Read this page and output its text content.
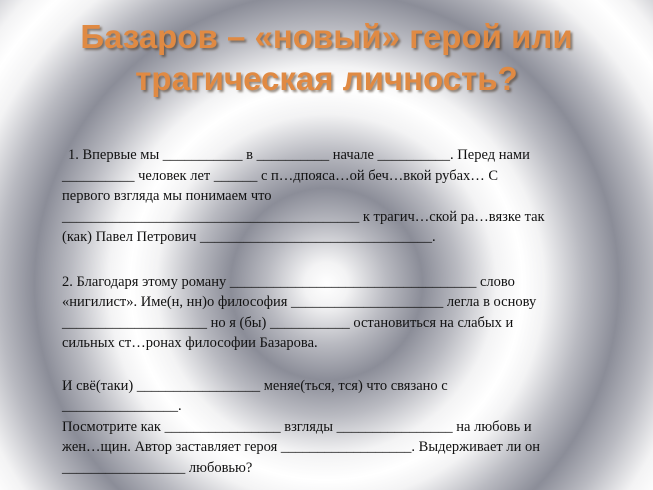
Базаров – «новый» герой или
трагическая личность?

1. Впервые мы ___________ в __________ начале __________. Перед нами

__________ человек лет ______ с п…дпояса…ой беч…вкой рубах… С

первого взгляда мы понимаем что

_________________________________________ к трагич…ской ра…вязке так

(как) Павел Петрович ________________________________.

2. Благодаря этому роману __________________________________ слово

«нигилист». Име(н, нн)о философия _____________________ легла в основу

____________________ но я (бы) ___________ остановиться на слабых и

сильных ст…ронах философии Базарова.

И свё(таки) _________________ меняе(ться, тся) что связано с

________________.

Посмотрите как ________________ взгляды ________________ на любовь и

жен…щин. Автор заставляет героя __________________. Выдерживает ли он

_________________ любовью?
